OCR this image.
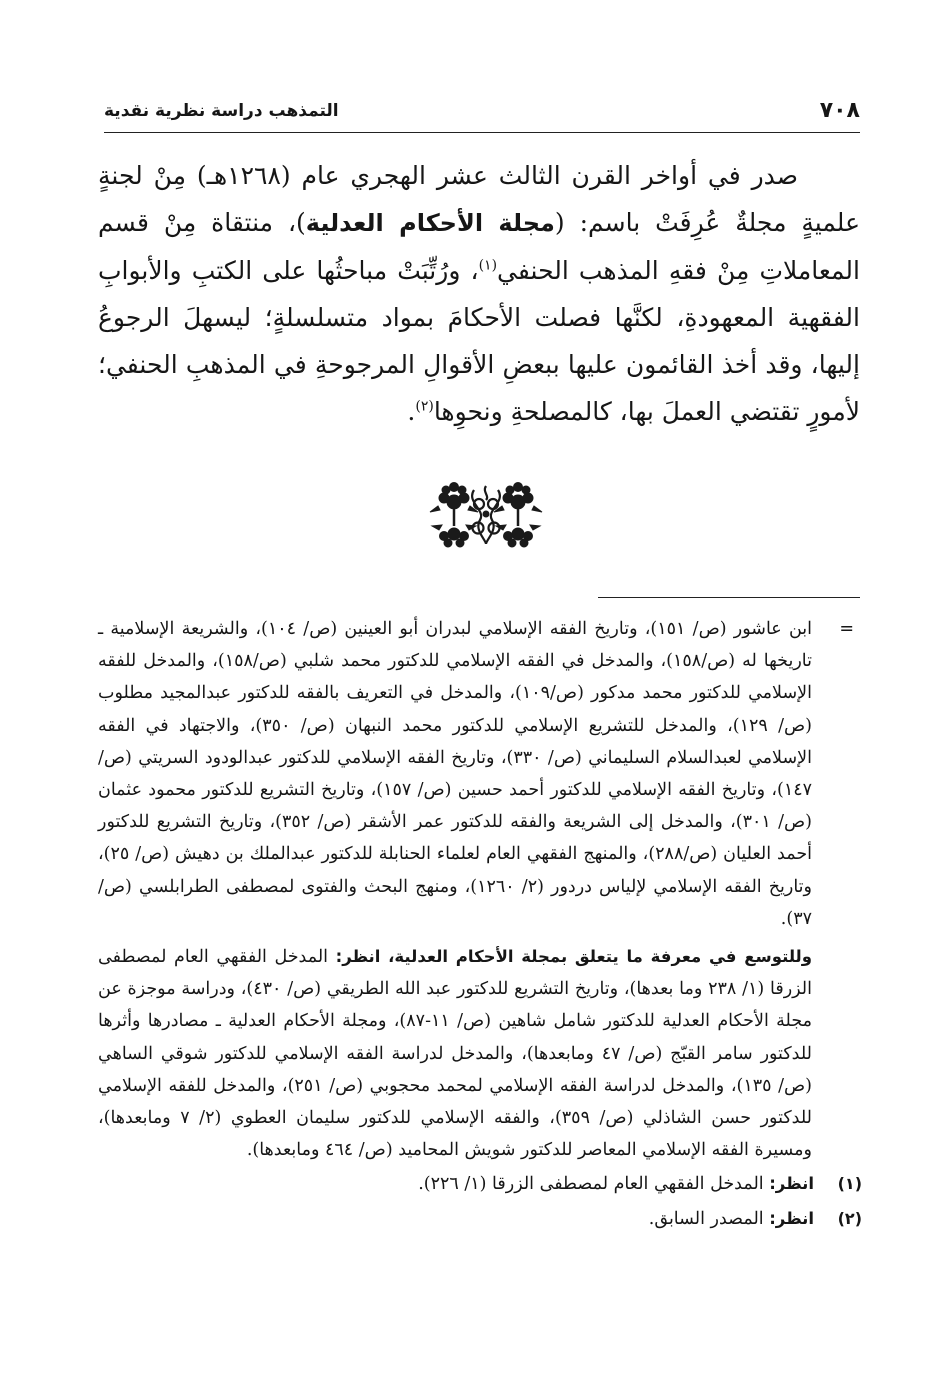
٧٠٨
التمذهب دراسة نظرية نقدية

صدر في أواخر القرن الثالث عشر الهجري عام (١٢٦٨هـ) مِنْ لجنةٍ علميةٍ مجلةٌ عُرِفَتْ باسم: (مجلة الأحكام العدلية)، منتقاة مِنْ قسم المعاملاتِ مِنْ فقهِ المذهب الحنفي$^{(١)}$، ورُتِّبَتْ مباحثُها على الكتبِ والأبوابِ الفقهية المعهودةِ، لكنَّها فصلت الأحكامَ بمواد متسلسلةٍ؛ ليسهلَ الرجوعُ إليها، وقد أخذ القائمون عليها ببعضِ الأقوالِ المرجوحةِ في المذهبِ الحنفي؛ لأمورٍ تقتضي العملَ بها، كالمصلحةِ ونحوِها$^{(٢)}$.

=
ابن عاشور (ص/ ١٥١)، وتاريخ الفقه الإسلامي لبدران أبو العينين (ص/ ١٠٤)، والشريعة الإسلامية ـ تاريخها له (ص/١٥٨)، والمدخل في الفقه الإسلامي للدكتور محمد شلبي (ص/١٥٨)، والمدخل للفقه الإسلامي للدكتور محمد مدكور (ص/١٠٩)، والمدخل في التعريف بالفقه للدكتور عبدالمجيد مطلوب (ص/ ١٢٩)، والمدخل للتشريع الإسلامي للدكتور محمد النبهان (ص/ ٣٥٠)، والاجتهاد في الفقه الإسلامي لعبدالسلام السليماني (ص/ ٣٣٠)، وتاريخ الفقه الإسلامي للدكتور عبدالودود السريتي (ص/ ١٤٧)، وتاريخ الفقه الإسلامي للدكتور أحمد حسين (ص/ ١٥٧)، وتاريخ التشريع للدكتور محمود عثمان (ص/ ٣٠١)، والمدخل إلى الشريعة والفقه للدكتور عمر الأشقر (ص/ ٣٥٢)، وتاريخ التشريع للدكتور أحمد العليان (ص/٢٨٨)، والمنهج الفقهي العام لعلماء الحنابلة للدكتور عبدالملك بن دهيش (ص/ ٢٥)، وتاريخ الفقه الإسلامي لإلياس دردور (٢/ ١٢٦٠)، ومنهج البحث والفتوى لمصطفى الطرابلسي (ص/ ٣٧).

وللتوسع في معرفة ما يتعلق بمجلة الأحكام العدلية، انظر: المدخل الفقهي العام لمصطفى الزرقا (١/ ٢٣٨ وما بعدها)، وتاريخ التشريع للدكتور عبد الله الطريقي (ص/ ٤٣٠)، ودراسة موجزة عن مجلة الأحكام العدلية للدكتور شامل شاهين (ص/ ١١-٨٧)، ومجلة الأحكام العدلية ـ مصادرها وأثرها للدكتور سامر القبّج (ص/ ٤٧ ومابعدها)، والمدخل لدراسة الفقه الإسلامي للدكتور شوقي الساهي (ص/ ١٣٥)، والمدخل لدراسة الفقه الإسلامي لمحمد محجوبي (ص/ ٢٥١)، والمدخل للفقه الإسلامي للدكتور حسن الشاذلي (ص/ ٣٥٩)، والفقه الإسلامي للدكتور سليمان العطوي (٢/ ٧ ومابعدها)، ومسيرة الفقه الإسلامي المعاصر للدكتور شويش المحاميد (ص/ ٤٦٤ ومابعدها).

(١)
انظر: المدخل الفقهي العام لمصطفى الزرقا (١/ ٢٢٦).

(٢)
انظر: المصدر السابق.
